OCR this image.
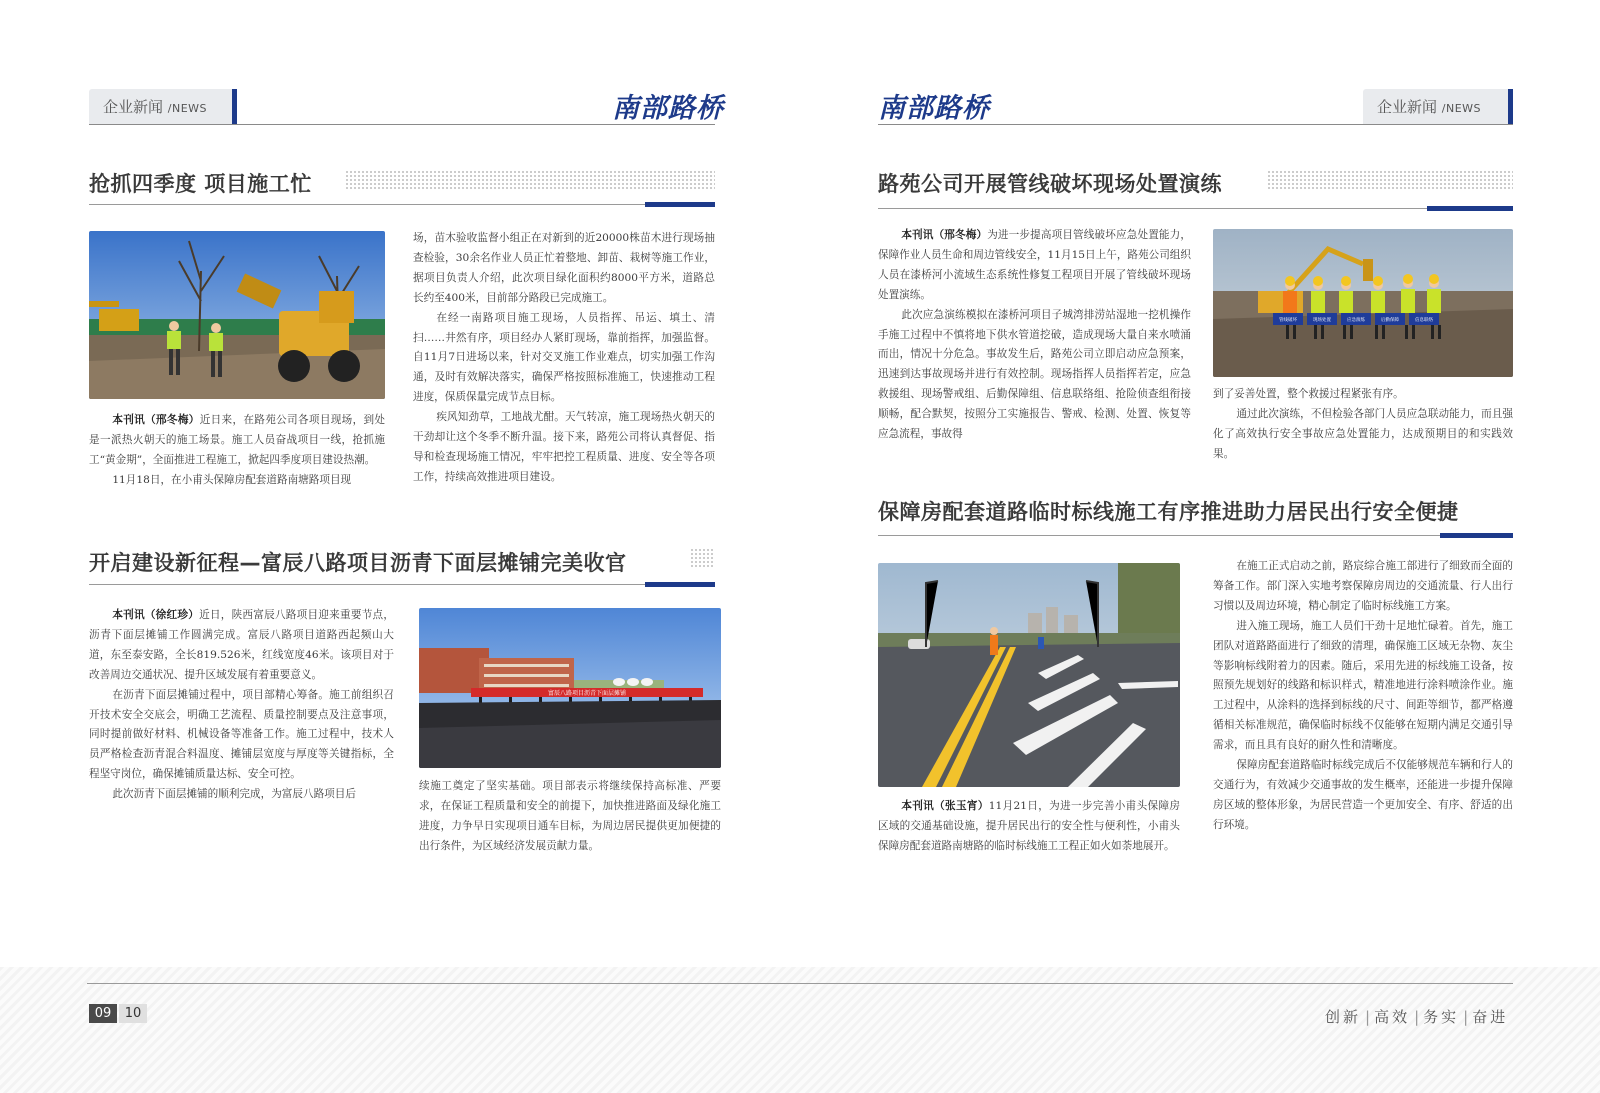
企业新闻 /NEWS	南部路桥	南部路桥	企业新闻 /NEWS
抢抓四季度 项目施工忙

本刊讯（邢冬梅）近日来，在路苑公司各项目现场，到处是一派热火朝天的施工场景。施工人员奋战项目一线，抢抓施工“黄金期”，全面推进工程施工，掀起四季度项目建设热潮。

11月18日，在小甫头保障房配套道路南塘路项目现

场，苗木验收监督小组正在对新到的近20000株苗木进行现场抽查检验，30余名作业人员正忙着整地、卸苗、栽树等施工作业，据项目负责人介绍，此次项目绿化面积约8000平方米，道路总长约至400米，目前部分路段已完成施工。

在经一南路项目施工现场，人员指挥、吊运、填土、清扫……井然有序，项目经办人紧盯现场，靠前指挥，加强监督。自11月7日进场以来，针对交叉施工作业难点，切实加强工作沟通，及时有效解决落实，确保严格按照标准施工，快速推动工程进度，保质保量完成节点目标。

疾风知劲草，工地战尤酣。天气转凉，施工现场热火朝天的干劲却让这个冬季不断升温。接下来，路苑公司将认真督促、指导和检查现场施工情况，牢牢把控工程质量、进度、安全等各项工作，持续高效推进项目建设。

开启建设新征程—富辰八路项目沥青下面层摊铺完美收官

本刊讯（徐红珍）近日，陕西富辰八路项目迎来重要节点，沥青下面层摊铺工作圆满完成。富辰八路项目道路西起频山大道，东至泰安路，全长819.526米，红线宽度46米。该项目对于改善周边交通状况、提升区域发展有着重要意义。

在沥青下面层摊铺过程中，项目部精心筹备。施工前组织召开技术安全交底会，明确工艺流程、质量控制要点及注意事项，同时提前做好材料、机械设备等准备工作。施工过程中，技术人员严格检查沥青混合料温度、摊铺层宽度与厚度等关键指标，全程坚守岗位，确保摊铺质量达标、安全可控。

此次沥青下面层摊铺的顺利完成，为富辰八路项目后

富辰八路项目沥青下面层摊铺

续施工奠定了坚实基础。项目部表示将继续保持高标准、严要求，在保证工程质量和安全的前提下，加快推进路面及绿化施工进度，力争早日实现项目通车目标，为周边居民提供更加便捷的出行条件，为区域经济发展贡献力量。

路苑公司开展管线破坏现场处置演练

本刊讯（邢冬梅）为进一步提高项目管线破坏应急处置能力，保障作业人员生命和周边管线安全，11月15日上午，路苑公司组织人员在漆桥河小流域生态系统性修复工程项目开展了管线破坏现场处置演练。

此次应急演练模拟在漆桥河项目子城湾排涝站湿地一挖机操作手施工过程中不慎将地下供水管道挖破，造成现场大量自来水喷涌而出，情况十分危急。事故发生后，路苑公司立即启动应急预案，迅速到达事故现场并进行有效控制。现场指挥人员指挥若定，应急救援组、现场警戒组、后勤保障组、信息联络组、抢险侦查组衔接顺畅，配合默契，按照分工实施报告、警戒、检测、处置、恢复等应急流程，事故得

管线破坏	现场处置	应急演练	后勤保障	信息联络

到了妥善处置，整个救援过程紧张有序。

通过此次演练，不但检验各部门人员应急联动能力，而且强化了高效执行安全事故应急处置能力，达成预期目的和实践效果。

保障房配套道路临时标线施工有序推进助力居民出行安全便捷

本刊讯（张玉宵）11月21日，为进一步完善小甫头保障房区域的交通基础设施，提升居民出行的安全性与便利性，小甫头保障房配套道路南塘路的临时标线施工工程正如火如荼地展开。

在施工正式启动之前，路宸综合施工部进行了细致而全面的筹备工作。部门深入实地考察保障房周边的交通流量、行人出行习惯以及周边环境，精心制定了临时标线施工方案。

进入施工现场，施工人员们干劲十足地忙碌着。首先，施工团队对道路路面进行了细致的清理，确保施工区域无杂物、灰尘等影响标线附着力的因素。随后，采用先进的标线施工设备，按照预先规划好的线路和标识样式，精准地进行涂料喷涂作业。施工过程中，从涂料的选择到标线的尺寸、间距等细节，都严格遵循相关标准规范，确保临时标线不仅能够在短期内满足交通引导需求，而且具有良好的耐久性和清晰度。

保障房配套道路临时标线完成后不仅能够规范车辆和行人的交通行为，有效减少交通事故的发生概率，还能进一步提升保障房区域的整体形象，为居民营造一个更加安全、有序、舒适的出行环境。

09	10	创新 | 高效 | 务实 | 奋进
